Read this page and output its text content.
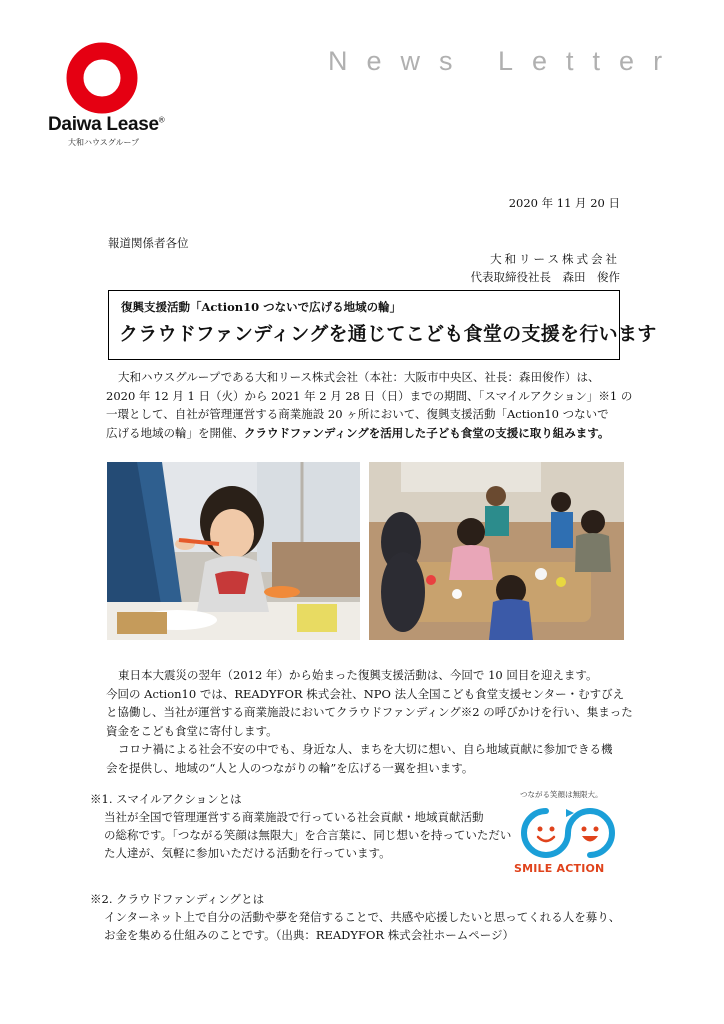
Daiwa Lease®
大和ハウスグループ
News Letter
2020 年 11 月 20 日
報道関係者各位
大和リース株式会社
代表取締役社長　森田　俊作
復興支援活動「Action10 つないで広げる地域の輪」
クラウドファンディングを通じてこども食堂の支援を行います
大和ハウスグループである大和リース株式会社（本社：大阪市中央区、社長：森田俊作）は、
2020 年 12 月 1 日（火）から 2021 年 2 月 28 日（日）までの期間、「スマイルアクション」※1 の
一環として、自社が管理運営する商業施設 20 ヶ所において、復興支援活動「Action10 つないで
広げる地域の輪」を開催、クラウドファンディングを活用した子ども食堂の支援に取り組みます。
東日本大震災の翌年（2012 年）から始まった復興支援活動は、今回で 10 回目を迎えます。
今回の Action10 では、READYFOR 株式会社、NPO 法人全国こども食堂支援センター・むすびえ
と協働し、当社が運営する商業施設においてクラウドファンディング※2 の呼びかけを行い、集まった
資金をこども食堂に寄付します。
コロナ禍による社会不安の中でも、身近な人、まちを大切に想い、自ら地域貢献に参加できる機
会を提供し、地域の“人と人のつながりの輪”を広げる一翼を担います。
※1. スマイルアクションとは
当社が全国で管理運営する商業施設で行っている社会貢献・地域貢献活動
の総称です。「つながる笑顔は無限大」を合言葉に、同じ想いを持っていただい
た人達が、気軽に参加いただける活動を行っています。
つながる笑顔は無限大。
SMILE ACTION
※2. クラウドファンディングとは
インターネット上で自分の活動や夢を発信することで、共感や応援したいと思ってくれる人を募り、
お金を集める仕組みのことです。（出典：READYFOR 株式会社ホームページ）
